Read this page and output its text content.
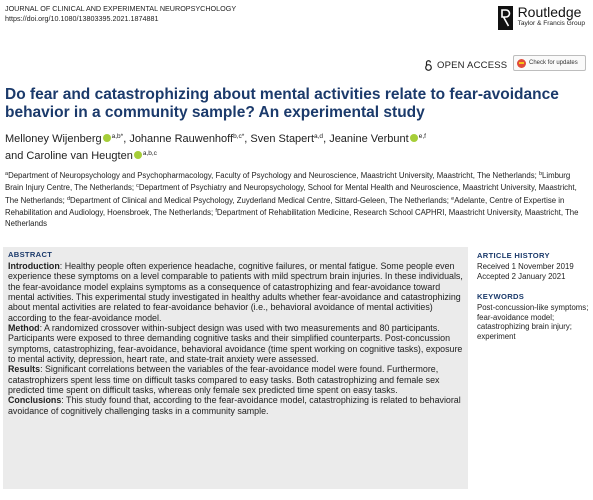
JOURNAL OF CLINICAL AND EXPERIMENTAL NEUROPSYCHOLOGY
https://doi.org/10.1080/13803395.2021.1874881	Routledge
Taylor & Francis Group
OPEN ACCESS	Check for updates
Do fear and catastrophizing about mental activities relate to fear-avoidance behavior in a community sample? An experimental study
Melloney Wijenberg $^{a,b*}$, Johanne Rauwenhoff$^{b,c*}$, Sven Stapert$^{a,d}$, Jeanine Verbunt $^{e,f}$
and Caroline van Heugten $^{a,b,c}$
$^a$Department of Neuropsychology and Psychopharmacology, Faculty of Psychology and Neuroscience, Maastricht University, Maastricht, The Netherlands; $^b$Limburg Brain Injury Centre, The Netherlands; $^c$Department of Psychiatry and Neuropsychology, School for Mental Health and Neuroscience, Maastricht University, Maastricht, The Netherlands; $^d$Department of Clinical and Medical Psychology, Zuyderland Medical Centre, Sittard-Geleen, The Netherlands; $^e$Adelante, Centre of Expertise in Rehabilitation and Audiology, Hoensbroek, The Netherlands; $^f$Department of Rehabilitation Medicine, Research School CAPHRI, Maastricht University, Maastricht, The Netherlands
ABSTRACT

Introduction: Healthy people often experience headache, cognitive failures, or mental fatigue. Some people even experience these symptoms on a level comparable to patients with mild spectrum brain injuries. In these individuals, the fear-avoidance model explains symptoms as a consequence of catastrophizing and fear-avoidance toward mental activities. This experimental study investigated in healthy adults whether fear-avoidance and catastrophizing about mental activities are related to fear-avoidance behavior (i.e., behavioral avoidance of mental activities) according to the fear-avoidance model.

Method: A randomized crossover within-subject design was used with two measurements and 80 participants. Participants were exposed to three demanding cognitive tasks and their simplified counterparts. Post-concussion symptoms, catastrophizing, fear-avoidance, behavioral avoidance (time spent working on cognitive tasks), exposure to mental activity, depression, heart rate, and state-trait anxiety were assessed.

Results: Significant correlations between the variables of the fear-avoidance model were found. Furthermore, catastrophizers spent less time on difficult tasks compared to easy tasks. Both catastrophizing and female sex predicted time spent on difficult tasks, whereas only female sex predicted time spent on easy tasks.

Conclusions: This study found that, according to the fear-avoidance model, catastrophizing is related to behavioral avoidance of cognitively challenging tasks in a community sample.

ARTICLE HISTORY
Received 1 November 2019
Accepted 2 January 2021
KEYWORDS
Post-concussion-like symptoms; fear-avoidance model; catastrophizing brain injury; experiment
